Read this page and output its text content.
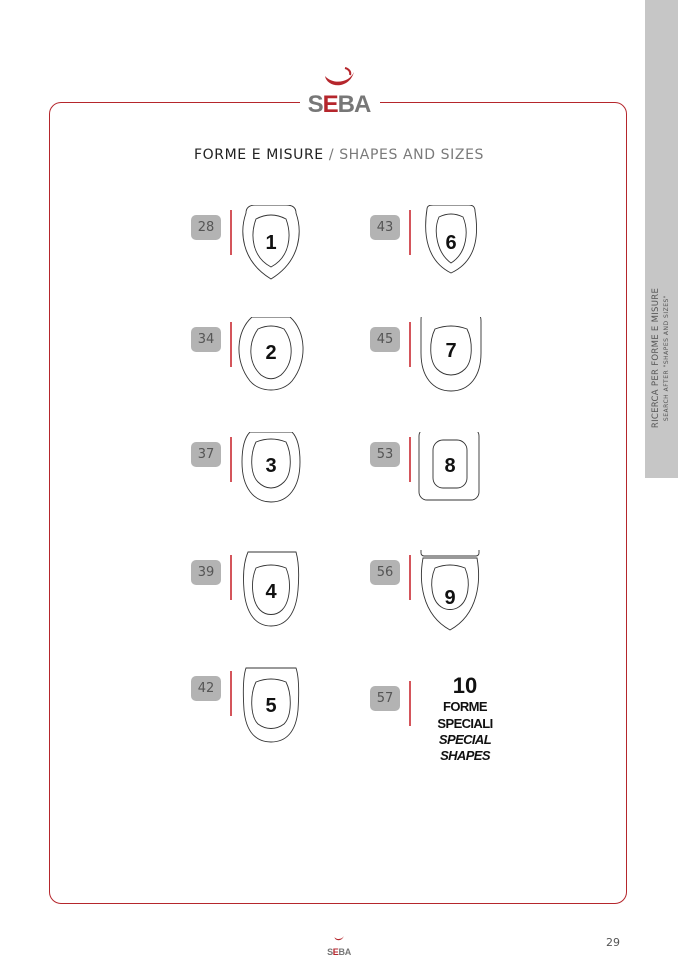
RICERCA PER FORME E MISURE SEARCH AFTER "SHAPES AND SIZES"
SEBA
FORME E MISURE / SHAPES AND SIZES
28
1
34
2
37
3
39
4
42
5
43
6
45
7
53
8
56
9
57
10
FORME SPECIALI
SPECIAL SHAPES
SEBA
29
